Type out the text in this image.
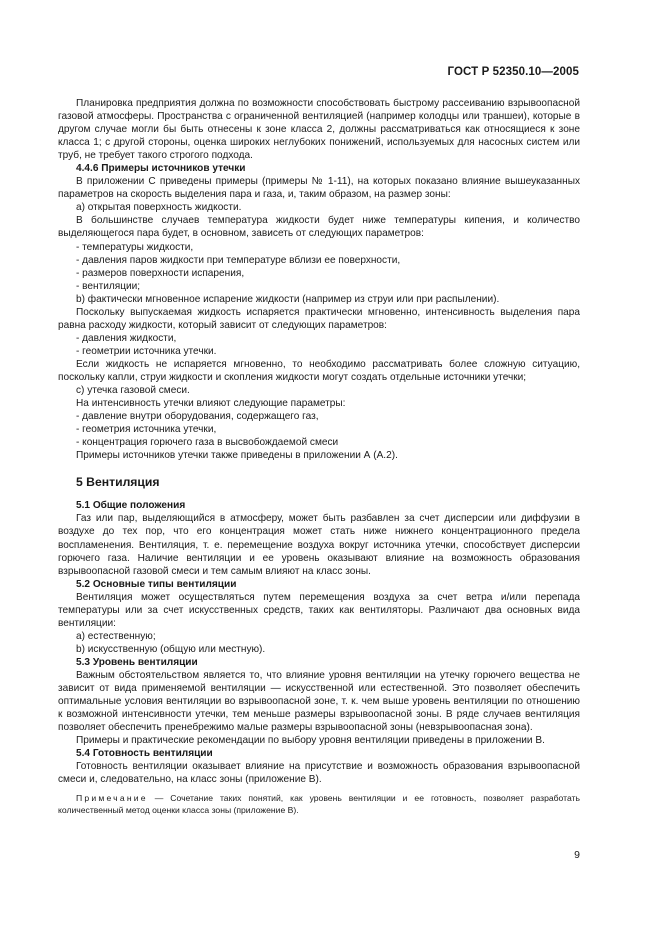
ГОСТ Р 52350.10—2005

Планировка предприятия должна по возможности способствовать быстрому рассеиванию взрывоопасной газовой атмосферы. Пространства с ограниченной вентиляцией (например колодцы или траншеи), которые в другом случае могли бы быть отнесены к зоне класса 2, должны рассматриваться как относящиеся к зоне класса 1; с другой стороны, оценка широких неглубоких понижений, используемых для насосных систем или труб, не требует такого строгого подхода.

4.4.6 Примеры источников утечки

В приложении С приведены примеры (примеры № 1-11), на которых показано влияние вышеуказанных параметров на скорость выделения пара и газа, и, таким образом, на размер зоны:

a) открытая поверхность жидкости.

В большинстве случаев температура жидкости будет ниже температуры кипения, и количество выделяющегося пара будет, в основном, зависеть от следующих параметров:

- температуры жидкости,

- давления паров жидкости при температуре вблизи ее поверхности,

- размеров поверхности испарения,

- вентиляции;

b) фактически мгновенное испарение жидкости (например из струи или при распылении).

Поскольку выпускаемая жидкость испаряется практически мгновенно, интенсивность выделения пара равна расходу жидкости, который зависит от следующих параметров:

- давления жидкости,

- геометрии источника утечки.

Если жидкость не испаряется мгновенно, то необходимо рассматривать более сложную ситуацию, поскольку капли, струи жидкости и скопления жидкости могут создать отдельные источники утечки;

c) утечка газовой смеси.

На интенсивность утечки влияют следующие параметры:

- давление внутри оборудования, содержащего газ,

- геометрия источника утечки,

- концентрация горючего газа в высвобождаемой смеси

Примеры источников утечки также приведены в приложении А (А.2).

5 Вентиляция

5.1 Общие положения

Газ или пар, выделяющийся в атмосферу, может быть разбавлен за счет дисперсии или диффузии в воздухе до тех пор, что его концентрация может стать ниже нижнего концентрационного предела воспламенения. Вентиляция, т. е. перемещение воздуха вокруг источника утечки, способствует дисперсии горючего газа. Наличие вентиляции и ее уровень оказывают влияние на возможность образования взрывоопасной газовой смеси и тем самым влияют на класс зоны.

5.2 Основные типы вентиляции

Вентиляция может осуществляться путем перемещения воздуха за счет ветра и/или перепада температуры или за счет искусственных средств, таких как вентиляторы. Различают два основных вида вентиляции:

a) естественную;

b) искусственную (общую или местную).

5.3 Уровень вентиляции

Важным обстоятельством является то, что влияние уровня вентиляции на утечку горючего вещества не зависит от вида применяемой вентиляции — искусственной или естественной. Это позволяет обеспечить оптимальные условия вентиляции во взрывоопасной зоне, т. к. чем выше уровень вентиляции по отношению к возможной интенсивности утечки, тем меньше размеры взрывоопасной зоны. В ряде случаев вентиляция позволяет обеспечить пренебрежимо малые размеры взрывоопасной зоны (невзрывоопасная зона).

Примеры и практические рекомендации по выбору уровня вентиляции приведены в приложении В.

5.4 Готовность вентиляции

Готовность вентиляции оказывает влияние на присутствие и возможность образования взрывоопасной смеси и, следовательно, на класс зоны (приложение В).

Примечание — Сочетание таких понятий, как уровень вентиляции и ее готовность, позволяет разработать количественный метод оценки класса зоны (приложение В).

9
